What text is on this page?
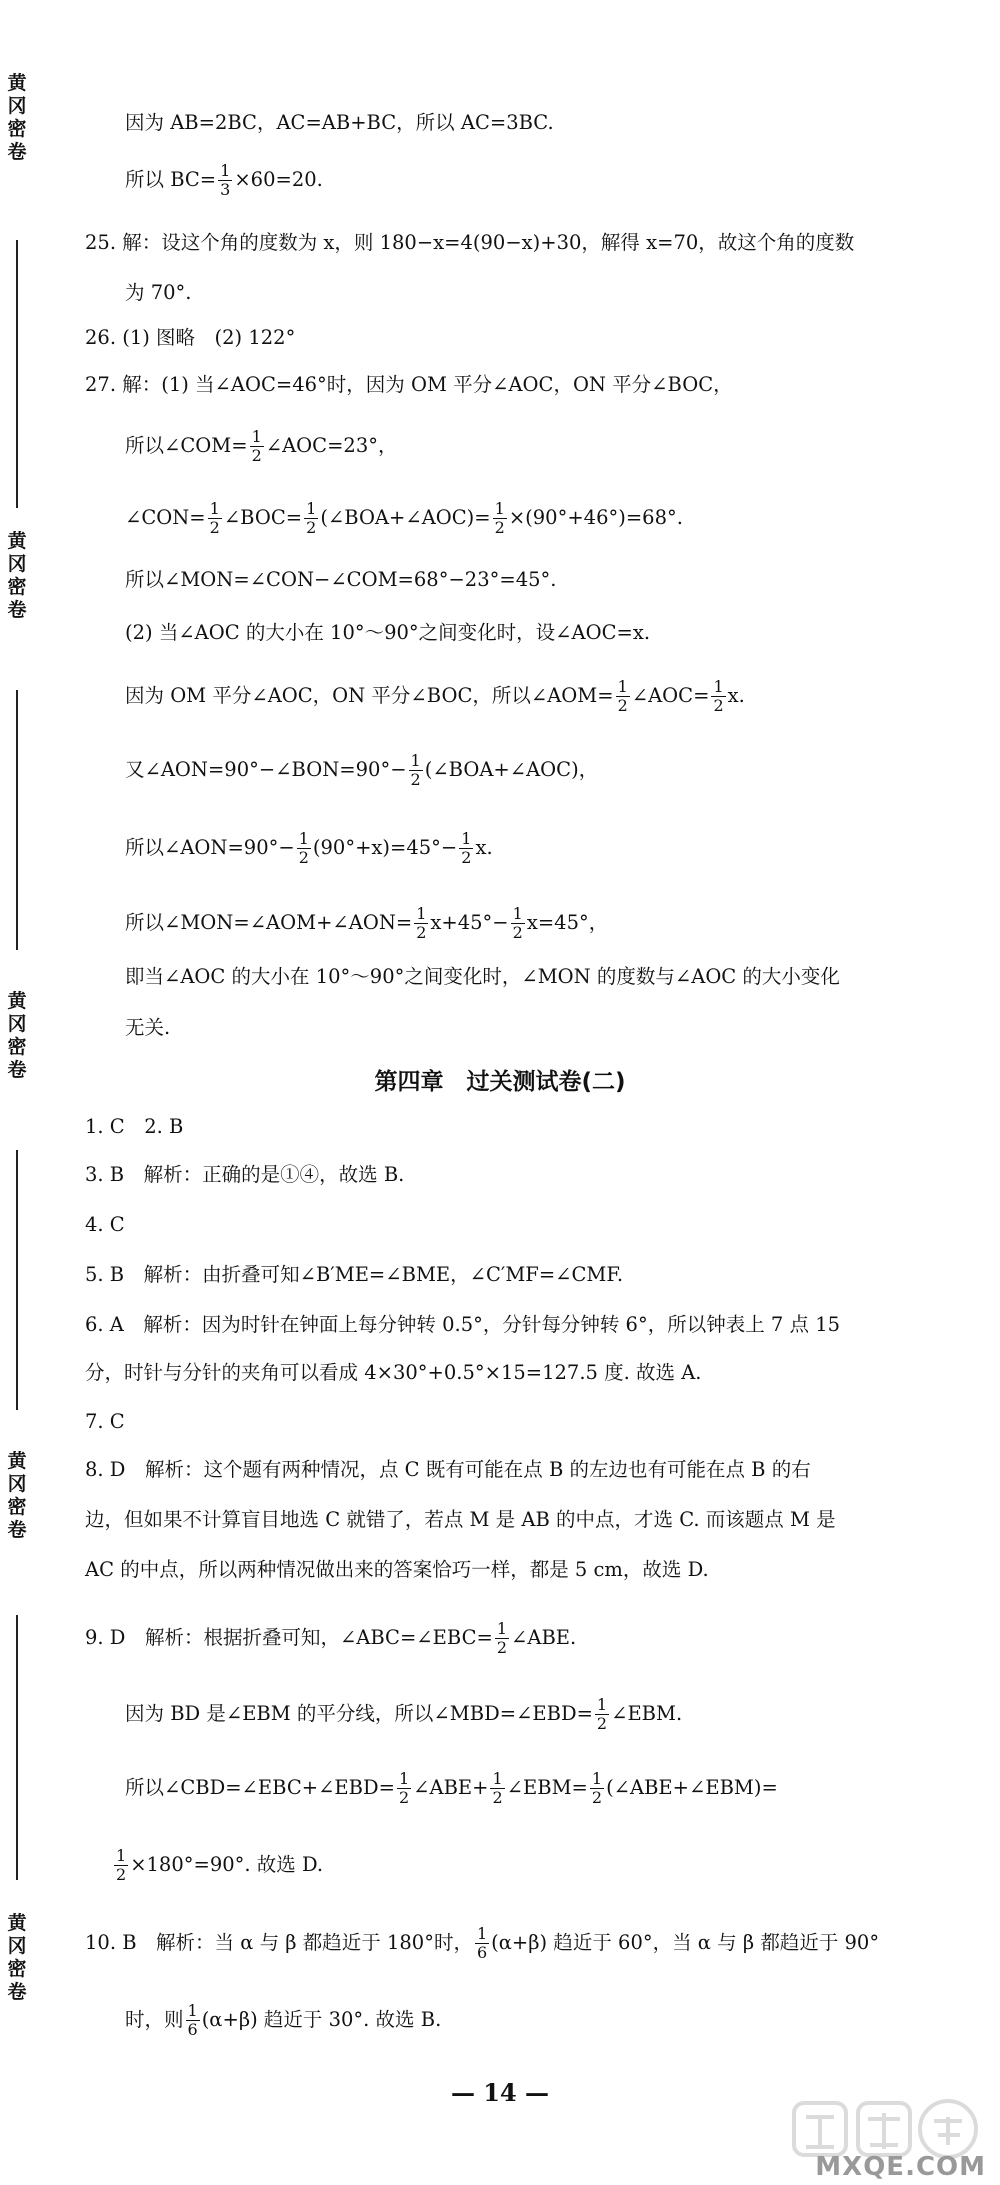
黄
冈
密
卷
黄
冈
密
卷
黄
冈
密
卷
黄
冈
密
卷
黄
冈
密
卷
因为 AB=2BC，AC=AB+BC，所以 AC=3BC.
所以 $BC= \frac{1}{3} \times 60=20$.
25. 解：设这个角的度数为 x，则 180−x=4(90−x)+30，解得 x=70，故这个角的度数
为 70°.
26. (1) 图略　(2) 122°
27. 解：(1) 当∠AOC=46°时，因为 OM 平分∠AOC，ON 平分∠BOC，
所以∠COM= $\frac{1}{2}$ ∠AOC=23°，
∠CON= $\frac{1}{2}$ ∠BOC= $\frac{1}{2}$ (∠BOA+∠AOC)= $\frac{1}{2} \times(90^\circ+46^\circ)=68^\circ$.
所以∠MON=∠CON−∠COM=68°−23°=45°.
(2) 当∠AOC 的大小在 10°～90°之间变化时，设∠AOC=x.
因为 OM 平分∠AOC，ON 平分∠BOC，所以∠AOM= $\frac{1}{2}$ ∠AOC= $\frac{1}{2} x$.
又∠AON=90°−∠BON=90°− $\frac{1}{2}$ (∠BOA+∠AOC)，
所以∠AON=90°− $\frac{1}{2} (90^\circ+x)=45^\circ- \frac{1}{2} x$.
所以∠MON=∠AOM+∠AON= $\frac{1}{2} x+45^\circ- \frac{1}{2} x=45^\circ$，
即当∠AOC 的大小在 10°～90°之间变化时，∠MON 的度数与∠AOC 的大小变化
无关.
第四章　过关测试卷(二)
1. C　2. B
3. B　解析：正确的是①④，故选 B.
4. C
5. B　解析：由折叠可知∠B′ME=∠BME，∠C′MF=∠CMF.
6. A　解析：因为时针在钟面上每分钟转 0.5°，分针每分钟转 6°，所以钟表上 7 点 15
分，时针与分针的夹角可以看成 4×30°+0.5°×15=127.5 度. 故选 A.
7. C
8. D　解析：这个题有两种情况，点 C 既有可能在点 B 的左边也有可能在点 B 的右
边，但如果不计算盲目地选 C 就错了，若点 M 是 AB 的中点，才选 C. 而该题点 M 是
AC 的中点，所以两种情况做出来的答案恰巧一样，都是 5 cm，故选 D.
9. D　解析：根据折叠可知，∠ABC=∠EBC= $\frac{1}{2}$ ∠ABE.
因为 BD 是∠EBM 的平分线，所以∠MBD=∠EBD= $\frac{1}{2}$ ∠EBM.
所以∠CBD=∠EBC+∠EBD= $\frac{1}{2}$ ∠ABE+ $\frac{1}{2}$ ∠EBM= $\frac{1}{2}$ (∠ABE+∠EBM)=
$\frac{1}{2} \times 180^\circ=90^\circ$. 故选 D.
10. B　解析：当 α 与 β 都趋近于 180°时， $\frac{1}{6} (\alpha+\beta)$ 趋近于 60°，当 α 与 β 都趋近于 90°
时，则 $\frac{1}{6} (\alpha+\beta)$ 趋近于 30°. 故选 B.
— 14 —
MXQE.COM
